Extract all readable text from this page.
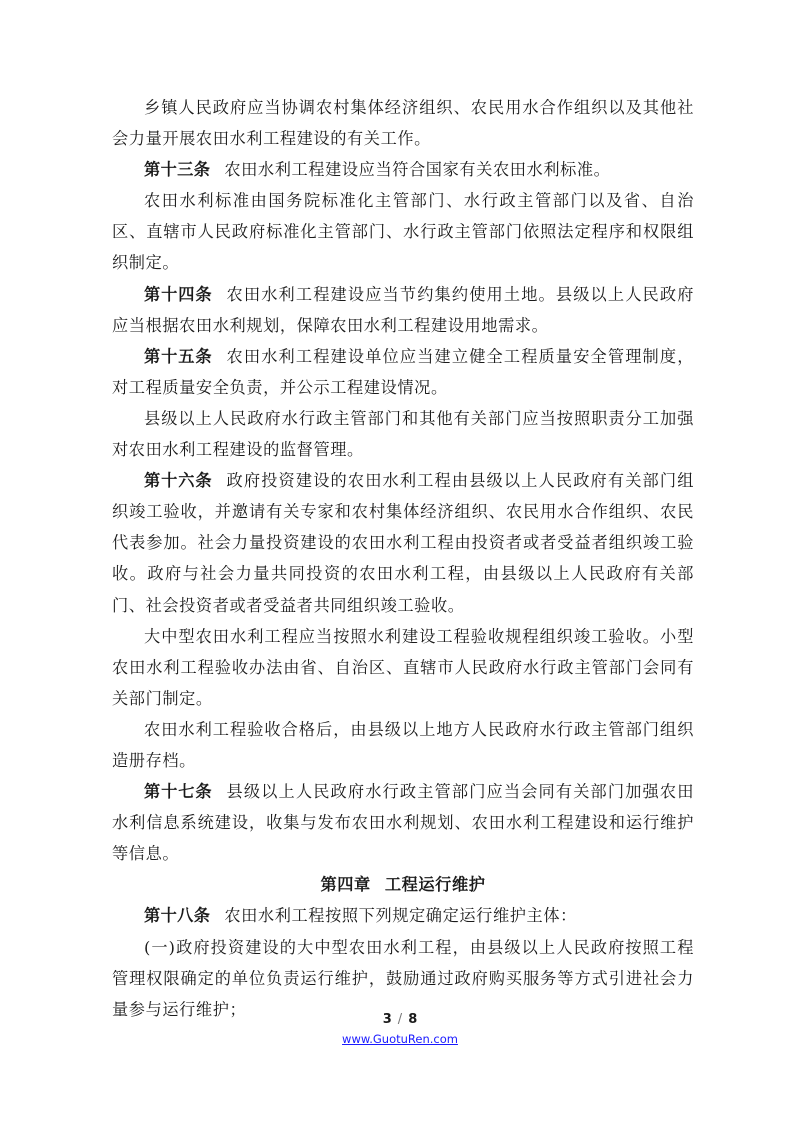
乡镇人民政府应当协调农村集体经济组织、农民用水合作组织以及其他社会力量开展农田水利工程建设的有关工作。

第十三条 农田水利工程建设应当符合国家有关农田水利标准。

农田水利标准由国务院标准化主管部门、水行政主管部门以及省、自治区、直辖市人民政府标准化主管部门、水行政主管部门依照法定程序和权限组织制定。

第十四条 农田水利工程建设应当节约集约使用土地。县级以上人民政府应当根据农田水利规划，保障农田水利工程建设用地需求。

第十五条 农田水利工程建设单位应当建立健全工程质量安全管理制度，对工程质量安全负责，并公示工程建设情况。

县级以上人民政府水行政主管部门和其他有关部门应当按照职责分工加强对农田水利工程建设的监督管理。

第十六条 政府投资建设的农田水利工程由县级以上人民政府有关部门组织竣工验收，并邀请有关专家和农村集体经济组织、农民用水合作组织、农民代表参加。社会力量投资建设的农田水利工程由投资者或者受益者组织竣工验收。政府与社会力量共同投资的农田水利工程，由县级以上人民政府有关部门、社会投资者或者受益者共同组织竣工验收。

大中型农田水利工程应当按照水利建设工程验收规程组织竣工验收。小型农田水利工程验收办法由省、自治区、直辖市人民政府水行政主管部门会同有关部门制定。

农田水利工程验收合格后，由县级以上地方人民政府水行政主管部门组织造册存档。

第十七条 县级以上人民政府水行政主管部门应当会同有关部门加强农田水利信息系统建设，收集与发布农田水利规划、农田水利工程建设和运行维护等信息。

第四章 工程运行维护

第十八条 农田水利工程按照下列规定确定运行维护主体：

(一)政府投资建设的大中型农田水利工程，由县级以上人民政府按照工程管理权限确定的单位负责运行维护，鼓励通过政府购买服务等方式引进社会力量参与运行维护；

3 / 8
www.GuotuRen.com
